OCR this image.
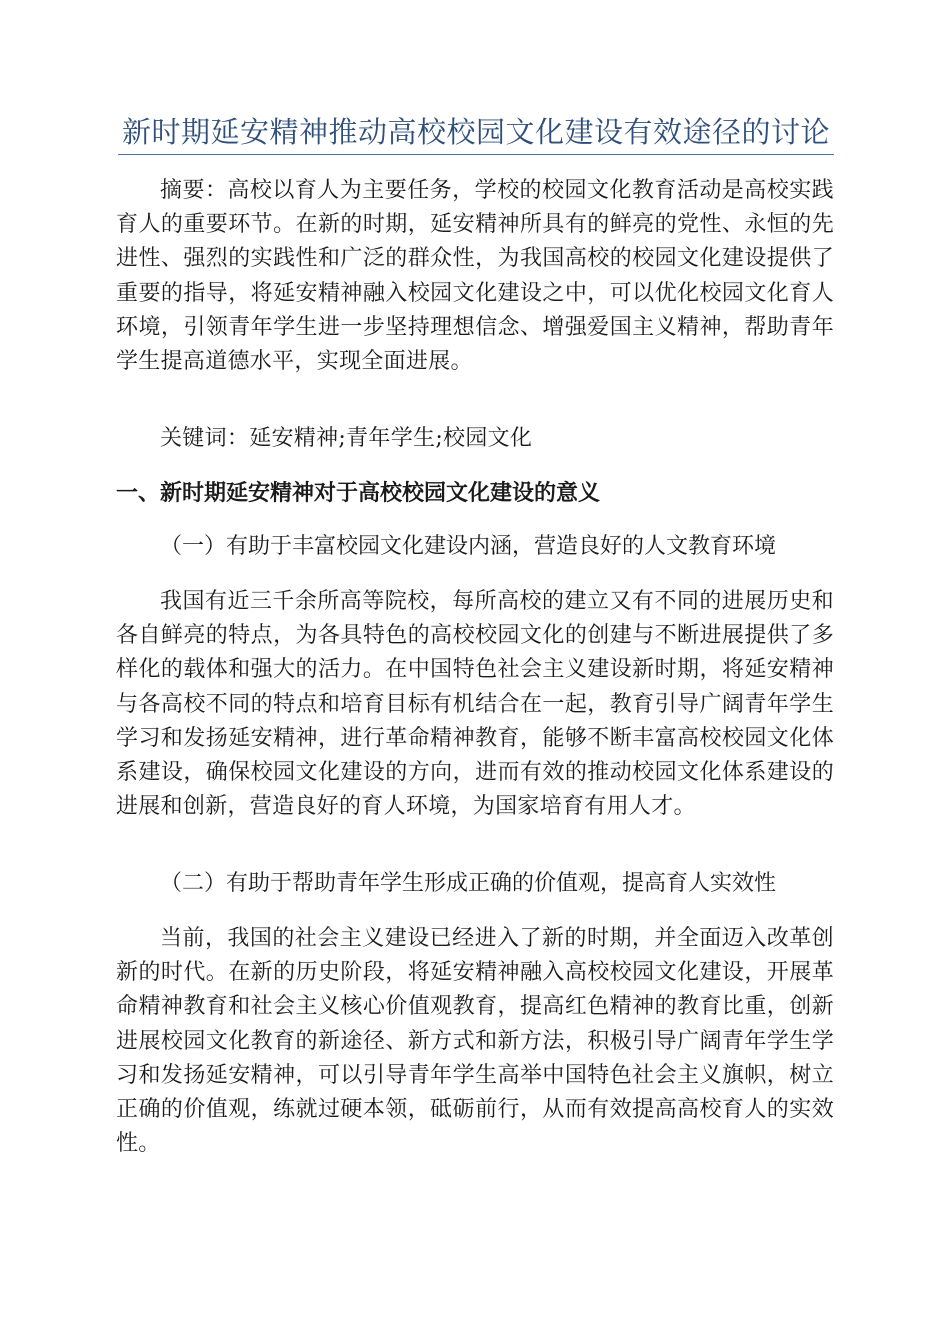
新时期延安精神推动高校校园文化建设有效途径的讨论
摘要：高校以育人为主要任务，学校的校园文化教育活动是高校实践育人的重要环节。在新的时期，延安精神所具有的鲜亮的党性、永恒的先进性、强烈的实践性和广泛的群众性，为我国高校的校园文化建设提供了重要的指导，将延安精神融入校园文化建设之中，可以优化校园文化育人环境，引领青年学生进一步坚持理想信念、增强爱国主义精神，帮助青年学生提高道德水平，实现全面进展。
关键词：延安精神;青年学生;校园文化
一、新时期延安精神对于高校校园文化建设的意义
（一）有助于丰富校园文化建设内涵，营造良好的人文教育环境
我国有近三千余所高等院校，每所高校的建立又有不同的进展历史和各自鲜亮的特点，为各具特色的高校校园文化的创建与不断进展提供了多样化的载体和强大的活力。在中国特色社会主义建设新时期，将延安精神与各高校不同的特点和培育目标有机结合在一起，教育引导广阔青年学生学习和发扬延安精神，进行革命精神教育，能够不断丰富高校校园文化体系建设，确保校园文化建设的方向，进而有效的推动校园文化体系建设的进展和创新，营造良好的育人环境，为国家培育有用人才。
（二）有助于帮助青年学生形成正确的价值观，提高育人实效性
当前，我国的社会主义建设已经进入了新的时期，并全面迈入改革创新的时代。在新的历史阶段，将延安精神融入高校校园文化建设，开展革命精神教育和社会主义核心价值观教育，提高红色精神的教育比重，创新进展校园文化教育的新途径、新方式和新方法，积极引导广阔青年学生学习和发扬延安精神，可以引导青年学生高举中国特色社会主义旗帜，树立正确的价值观，练就过硬本领，砥砺前行，从而有效提高高校育人的实效性。
